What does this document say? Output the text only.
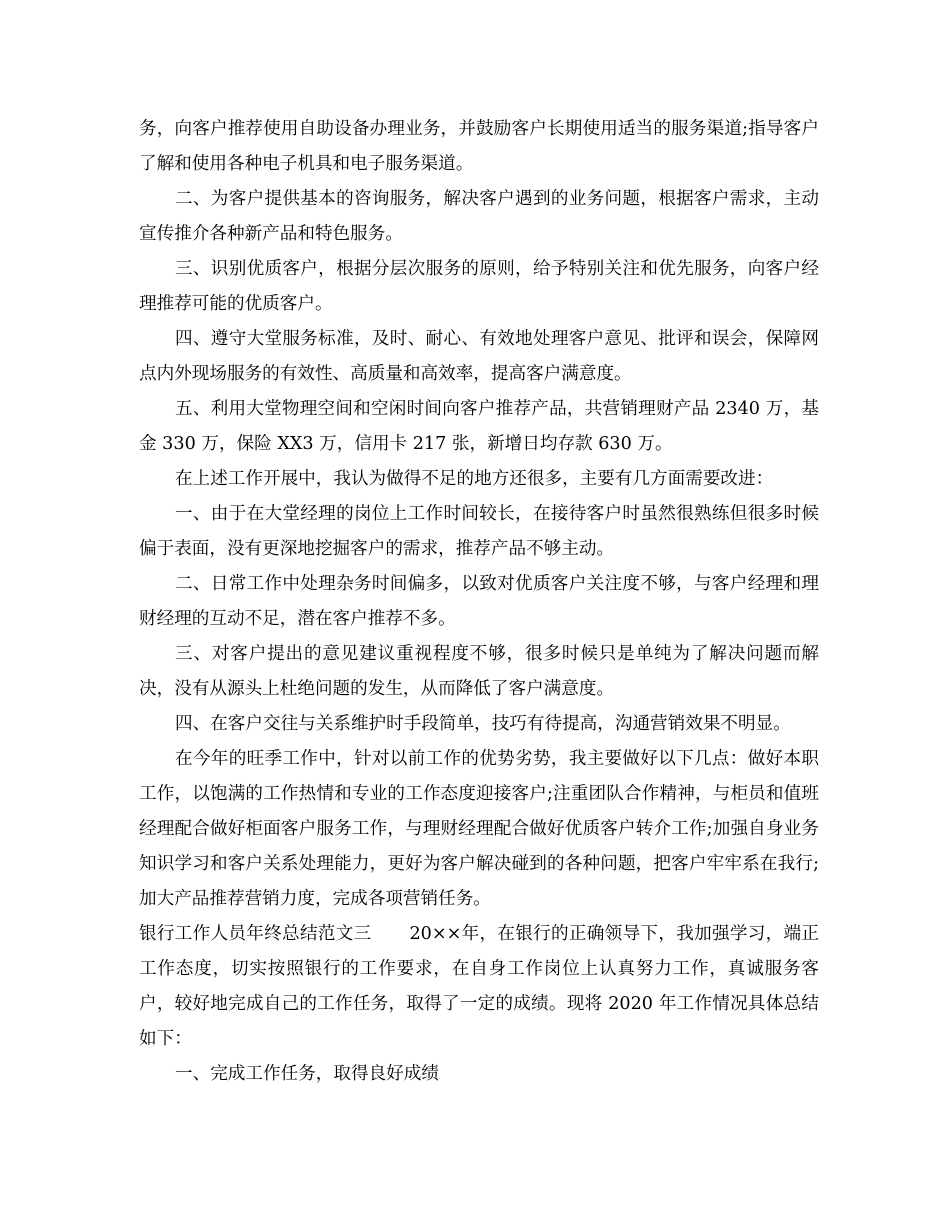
务，向客户推荐使用自助设备办理业务，并鼓励客户长期使用适当的服务渠道;指导客户了解和使用各种电子机具和电子服务渠道。

二、为客户提供基本的咨询服务，解决客户遇到的业务问题，根据客户需求，主动宣传推介各种新产品和特色服务。

三、识别优质客户，根据分层次服务的原则，给予特别关注和优先服务，向客户经理推荐可能的优质客户。

四、遵守大堂服务标准，及时、耐心、有效地处理客户意见、批评和误会，保障网点内外现场服务的有效性、高质量和高效率，提高客户满意度。

五、利用大堂物理空间和空闲时间向客户推荐产品，共营销理财产品 2340 万，基金 330 万，保险 XX3 万，信用卡 217 张，新增日均存款 630 万。

在上述工作开展中，我认为做得不足的地方还很多，主要有几方面需要改进：

一、由于在大堂经理的岗位上工作时间较长，在接待客户时虽然很熟练但很多时候偏于表面，没有更深地挖掘客户的需求，推荐产品不够主动。

二、日常工作中处理杂务时间偏多，以致对优质客户关注度不够，与客户经理和理财经理的互动不足，潜在客户推荐不多。

三、对客户提出的意见建议重视程度不够，很多时候只是单纯为了解决问题而解决，没有从源头上杜绝问题的发生，从而降低了客户满意度。

四、在客户交往与关系维护时手段简单，技巧有待提高，沟通营销效果不明显。

在今年的旺季工作中，针对以前工作的优势劣势，我主要做好以下几点：做好本职工作，以饱满的工作热情和专业的工作态度迎接客户;注重团队合作精神，与柜员和值班经理配合做好柜面客户服务工作，与理财经理配合做好优质客户转介工作;加强自身业务知识学习和客户关系处理能力，更好为客户解决碰到的各种问题，把客户牢牢系在我行;加大产品推荐营销力度，完成各项营销任务。

银行工作人员年终总结范文三 20××年，在银行的正确领导下，我加强学习，端正工作态度，切实按照银行的工作要求，在自身工作岗位上认真努力工作，真诚服务客户，较好地完成自己的工作任务，取得了一定的成绩。现将 2020 年工作情况具体总结如下：

一、完成工作任务，取得良好成绩
